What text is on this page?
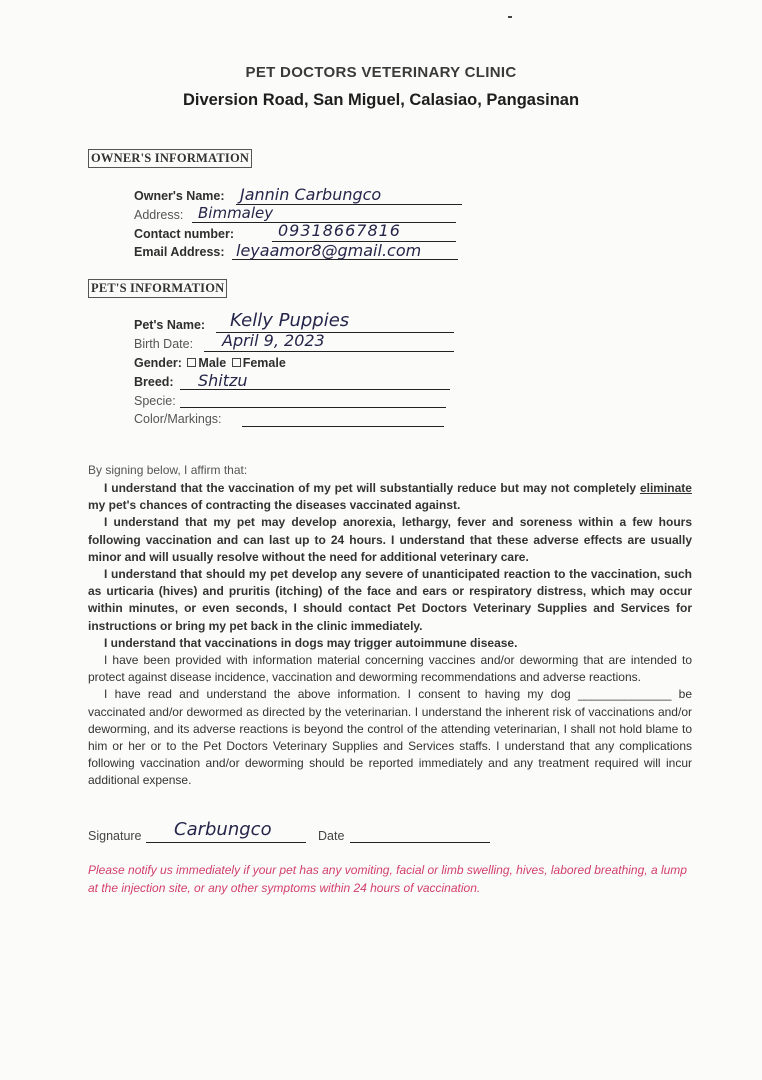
PET DOCTORS VETERINARY CLINIC
Diversion Road, San Miguel, Calasiao, Pangasinan
OWNER'S INFORMATION
Owner's Name: Jannin Carbungco
Address: Bimmaley
Contact number:	09318667816
Email Address: leyaamor8@gmail.com
PET'S INFORMATION
Pet's Name: Kelly Puppies
Birth Date: April 9, 2023
Gender: Male Female
Breed: Shitzu
Specie:
Color/Markings:
By signing below, I affirm that:

I understand that the vaccination of my pet will substantially reduce but may not completely eliminate my pet's chances of contracting the diseases vaccinated against.

I understand that my pet may develop anorexia, lethargy, fever and soreness within a few hours following vaccination and can last up to 24 hours. I understand that these adverse effects are usually minor and will usually resolve without the need for additional veterinary care.

I understand that should my pet develop any severe of unanticipated reaction to the vaccination, such as urticaria (hives) and pruritis (itching) of the face and ears or respiratory distress, which may occur within minutes, or even seconds, I should contact Pet Doctors Veterinary Supplies and Services for instructions or bring my pet back in the clinic immediately.

I understand that vaccinations in dogs may trigger autoimmune disease.

I have been provided with information material concerning vaccines and/or deworming that are intended to protect against disease incidence, vaccination and deworming recommendations and adverse reactions.

I have read and understand the above information. I consent to having my dog ______________ be vaccinated and/or dewormed as directed by the veterinarian. I understand the inherent risk of vaccinations and/or deworming, and its adverse reactions is beyond the control of the attending veterinarian, I shall not hold blame to him or her or to the Pet Doctors Veterinary Supplies and Services staffs. I understand that any complications following vaccination and/or deworming should be reported immediately and any treatment required will incur additional expense.

Signature Carbungco	Date
Please notify us immediately if your pet has any vomiting, facial or limb swelling, hives, labored breathing, a lump at the injection site, or any other symptoms within 24 hours of vaccination.
